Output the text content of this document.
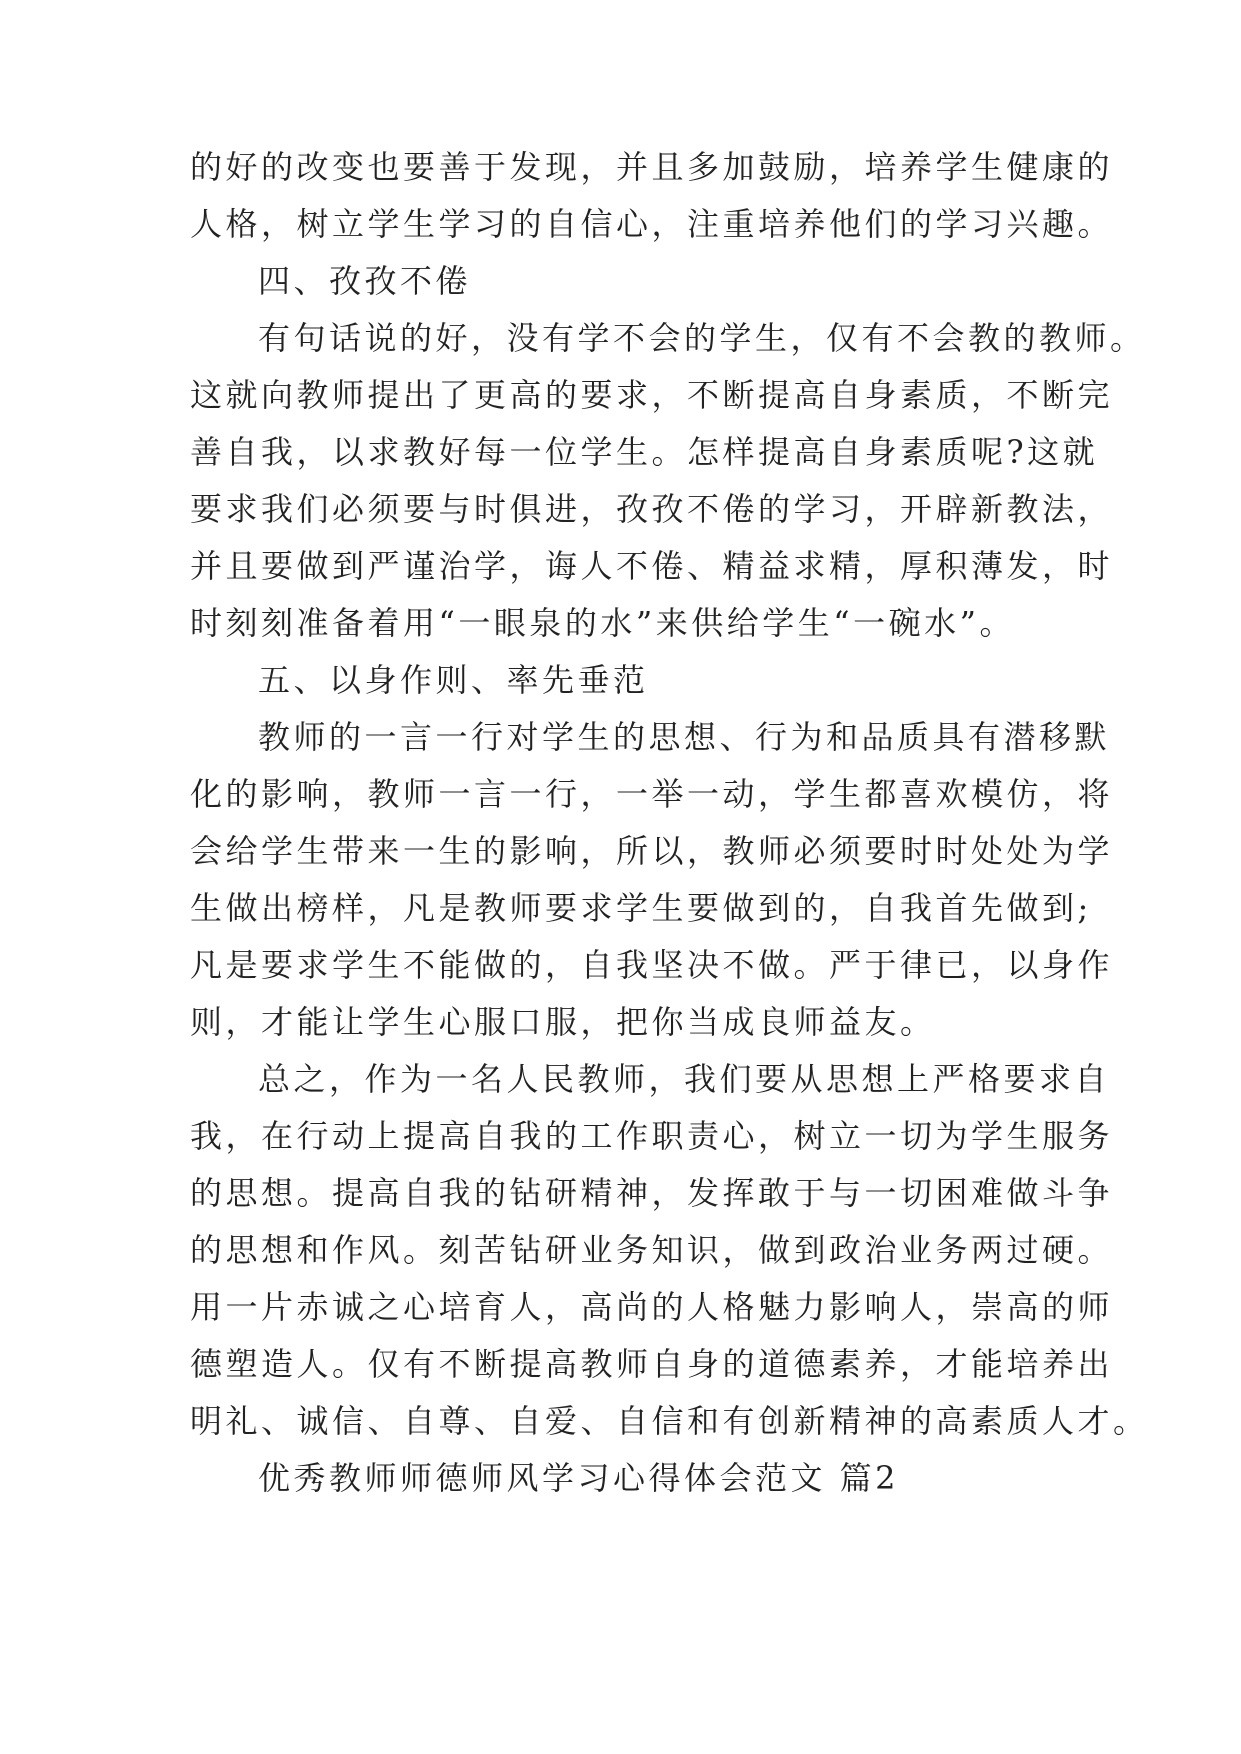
的好的改变也要善于发现，并且多加鼓励，培养学生健康的
人格，树立学生学习的自信心，注重培养他们的学习兴趣。
四、孜孜不倦
有句话说的好，没有学不会的学生，仅有不会教的教师。
这就向教师提出了更高的要求，不断提高自身素质，不断完
善自我，以求教好每一位学生。怎样提高自身素质呢?这就
要求我们必须要与时俱进，孜孜不倦的学习，开辟新教法，
并且要做到严谨治学，诲人不倦、精益求精，厚积薄发，时
时刻刻准备着用“一眼泉的水”来供给学生“一碗水”。
五、以身作则、率先垂范
教师的一言一行对学生的思想、行为和品质具有潜移默
化的影响，教师一言一行，一举一动，学生都喜欢模仿，将
会给学生带来一生的影响，所以，教师必须要时时处处为学
生做出榜样，凡是教师要求学生要做到的，自我首先做到;
凡是要求学生不能做的，自我坚决不做。严于律已，以身作
则，才能让学生心服口服，把你当成良师益友。
总之，作为一名人民教师，我们要从思想上严格要求自
我，在行动上提高自我的工作职责心，树立一切为学生服务
的思想。提高自我的钻研精神，发挥敢于与一切困难做斗争
的思想和作风。刻苦钻研业务知识，做到政治业务两过硬。
用一片赤诚之心培育人，高尚的人格魅力影响人，崇高的师
德塑造人。仅有不断提高教师自身的道德素养，才能培养出
明礼、诚信、自尊、自爱、自信和有创新精神的高素质人才。
优秀教师师德师风学习心得体会范文 篇2
